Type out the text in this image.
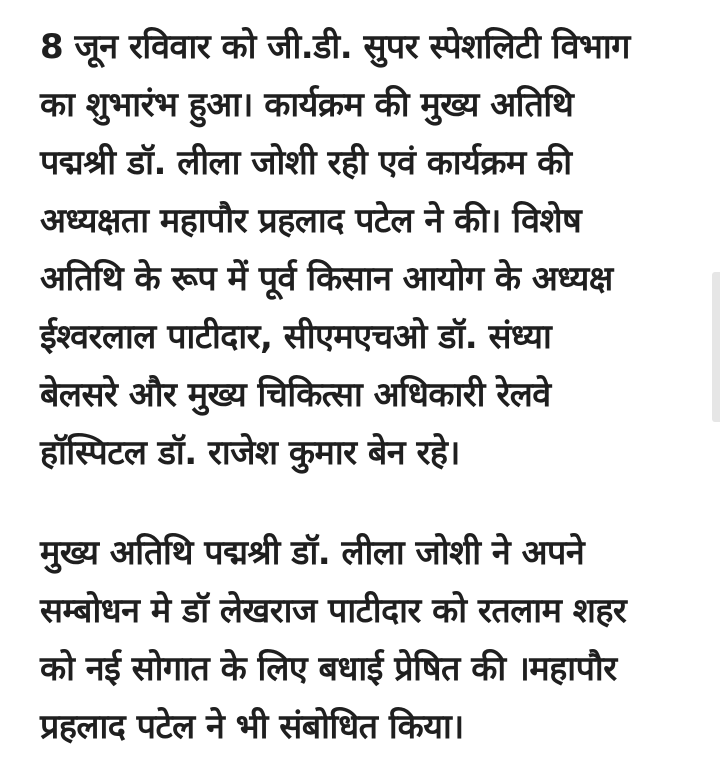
8 जून रविवार को जी.डी. सुपर स्पेशलिटी विभाग
का शुभारंभ हुआ। कार्यक्रम की मुख्य अतिथि
पद्मश्री डॉ. लीला जोशी रही एवं कार्यक्रम की
अध्यक्षता महापौर प्रहलाद पटेल ने की। विशेष
अतिथि के रूप में पूर्व किसान आयोग के अध्यक्ष
ईश्वरलाल पाटीदार, सीएमएचओ डॉ. संध्या
बेलसरे और मुख्य चिकित्सा अधिकारी रेलवे
हॉस्पिटल डॉ. राजेश कुमार बेन रहे।
मुख्य अतिथि पद्मश्री डॉ. लीला जोशी ने अपने
सम्बोधन मे डॉ लेखराज पाटीदार को रतलाम शहर
को नई सोगात के लिए बधाई प्रेषित की ।महापौर
प्रहलाद पटेल ने भी संबोधित किया।
